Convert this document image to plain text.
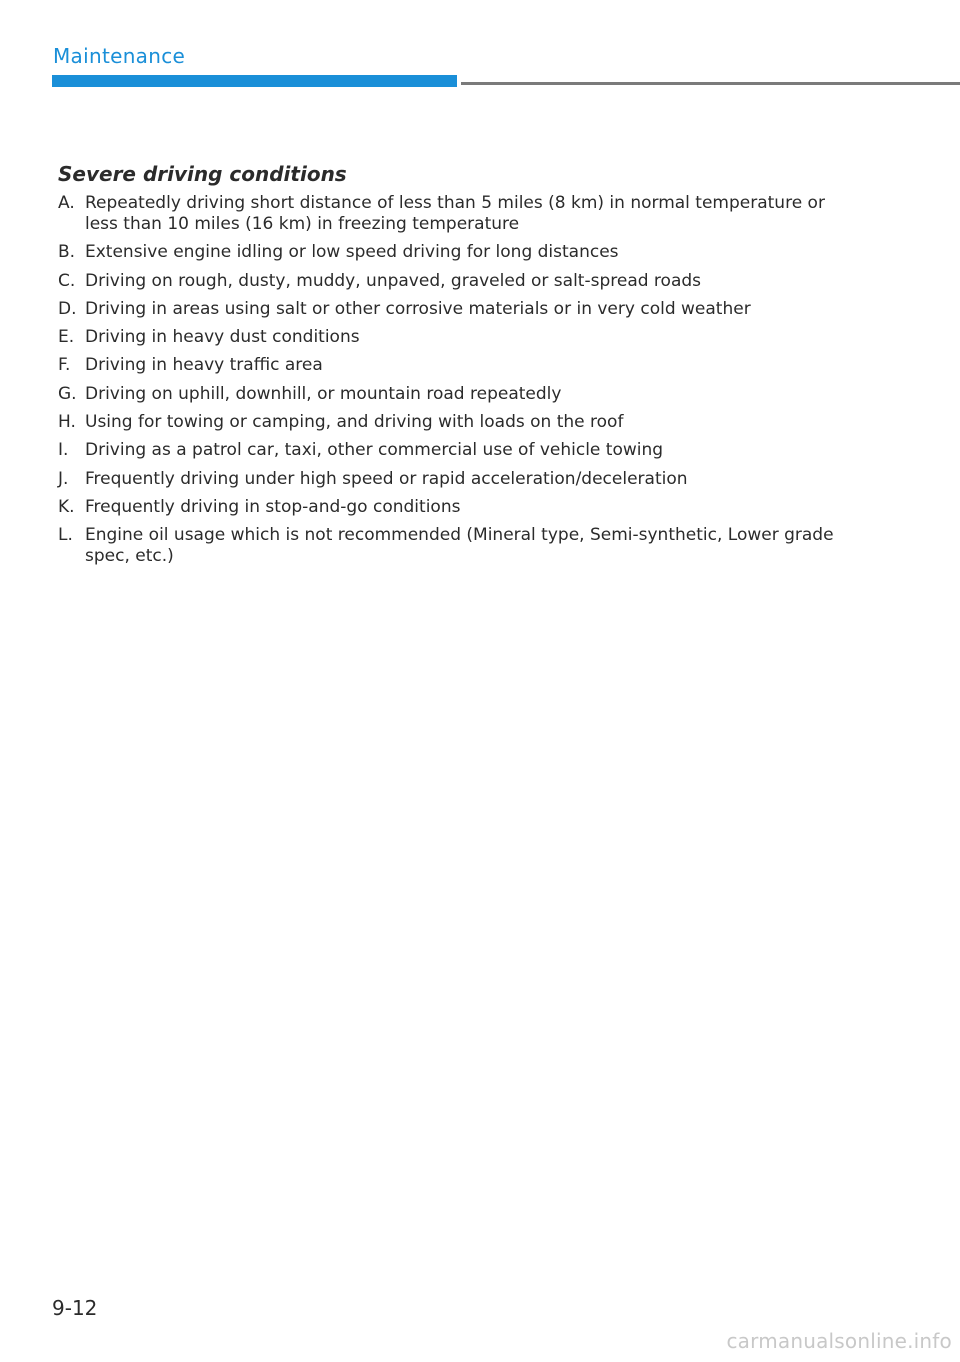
Maintenance
Severe driving conditions
A. Repeatedly driving short distance of less than 5 miles (8 km) in normal temperature or less than 10 miles (16 km) in freezing temperature
B. Extensive engine idling or low speed driving for long distances
C. Driving on rough, dusty, muddy, unpaved, graveled or salt-spread roads
D. Driving in areas using salt or other corrosive materials or in very cold weather
E. Driving in heavy dust conditions
F. Driving in heavy traffic area
G. Driving on uphill, downhill, or mountain road repeatedly
H. Using for towing or camping, and driving with loads on the roof
I. Driving as a patrol car, taxi, other commercial use of vehicle towing
J. Frequently driving under high speed or rapid acceleration/deceleration
K. Frequently driving in stop-and-go conditions
L. Engine oil usage which is not recommended (Mineral type, Semi-synthetic, Lower grade spec, etc.)
9-12
carmanualsonline.info
